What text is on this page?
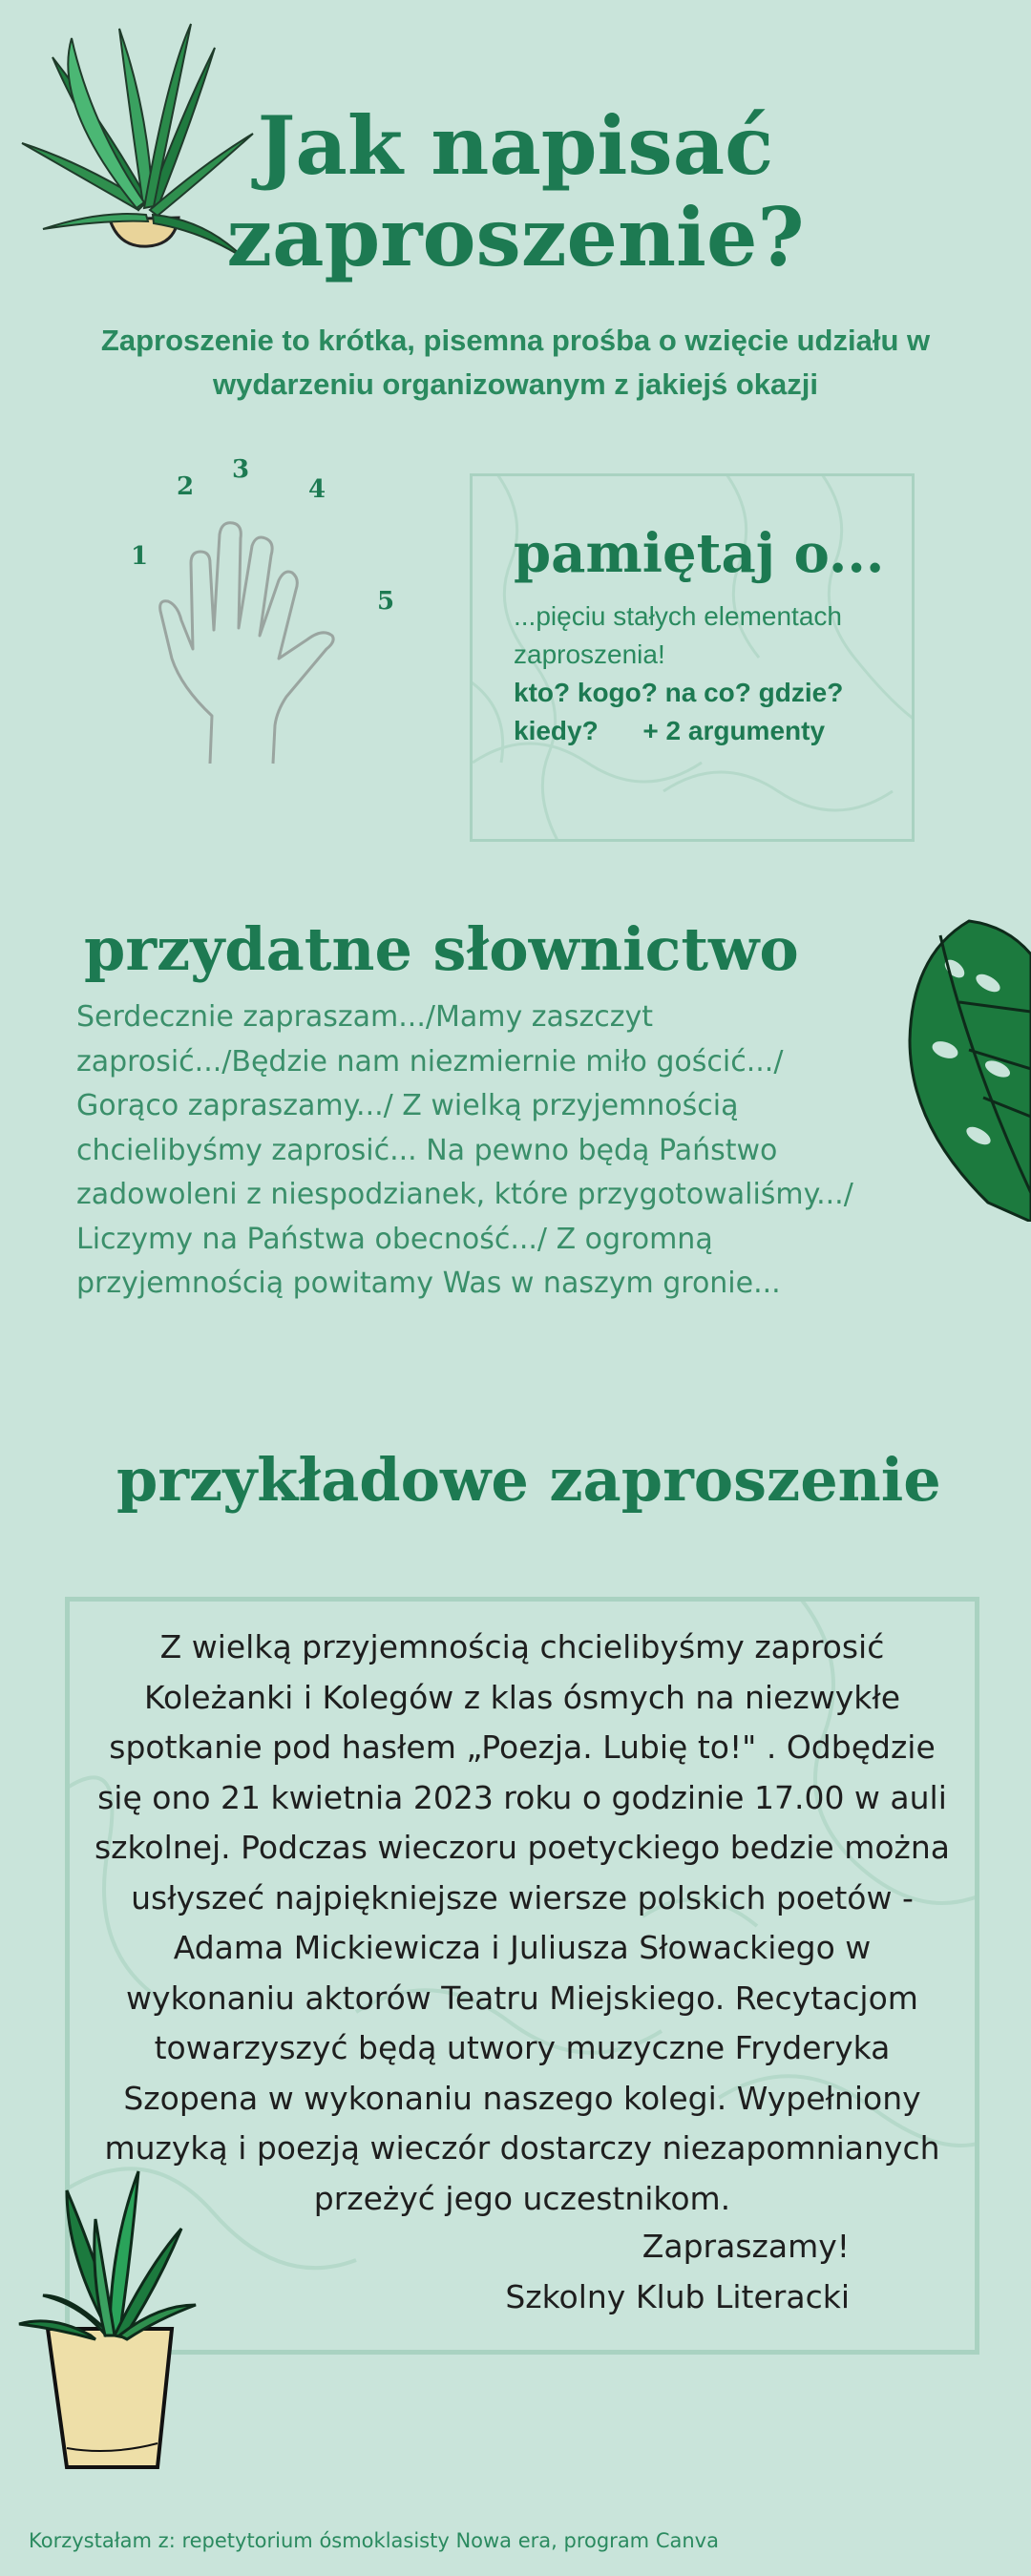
Jak napisać zaproszenie?
Zaproszenie to krótka, pisemna prośba o wzięcie udziału w wydarzeniu organizowanym z jakiejś okazji
1
2
3
4
5
pamiętaj o...
...pięciu stałych elementach zaproszenia!
kto? kogo? na co? gdzie? kiedy? + 2 argumenty
przydatne słownictwo
Serdecznie zapraszam.../Mamy zaszczyt zaprosić.../Będzie nam niezmiernie miło gościć.../ Gorąco zapraszamy.../ Z wielką przyjemnością chcielibyśmy zaprosić... Na pewno będą Państwo zadowoleni z niespodzianek, które przygotowaliśmy.../ Liczymy na Państwa obecność.../ Z ogromną przyjemnością powitamy Was w naszym gronie...
przykładowe zaproszenie
Z wielką przyjemnością chcielibyśmy zaprosić Koleżanki i Kolegów z klas ósmych na niezwykłe spotkanie pod hasłem „Poezja. Lubię to!" . Odbędzie się ono 21 kwietnia 2023 roku o godzinie 17.00 w auli szkolnej. Podczas wieczoru poetyckiego bedzie można usłyszeć najpiękniejsze wiersze polskich poetów - Adama Mickiewicza i Juliusza Słowackiego w wykonaniu aktorów Teatru Miejskiego. Recytacjom towarzyszyć będą utwory muzyczne Fryderyka Szopena w wykonaniu naszego kolegi. Wypełniony muzyką i poezją wieczór dostarczy niezapomnianych przeżyć jego uczestnikom.
Zapraszamy!
Szkolny Klub Literacki
Korzystałam z: repetytorium ósmoklasisty Nowa era, program Canva
